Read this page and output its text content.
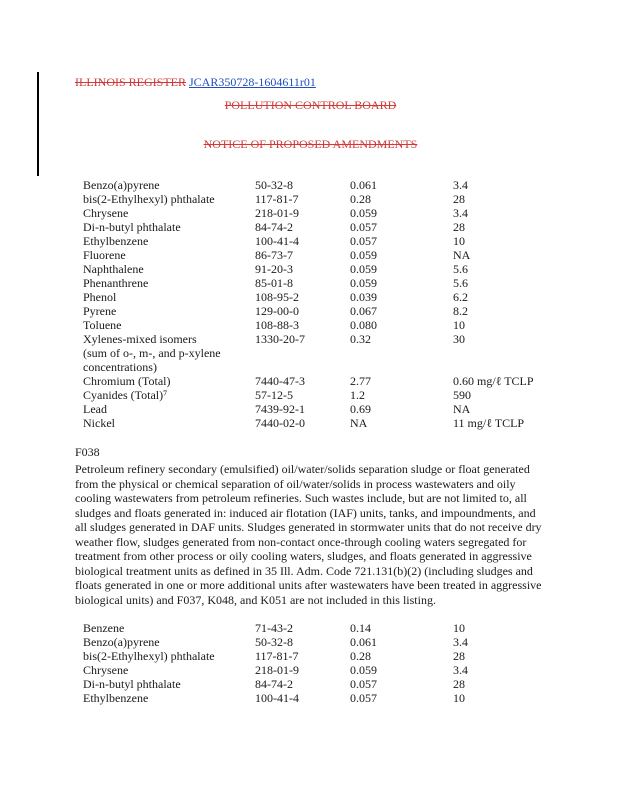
ILLINOIS REGISTER JCAR350728-1604611r01
POLLUTION CONTROL BOARD
NOTICE OF PROPOSED AMENDMENTS
Benzo(a)pyrene	50-32-8	0.061	3.4
bis(2-Ethylhexyl) phthalate	117-81-7	0.28	28
Chrysene	218-01-9	0.059	3.4
Di-n-butyl phthalate	84-74-2	0.057	28
Ethylbenzene	100-41-4	0.057	10
Fluorene	86-73-7	0.059	NA
Naphthalene	91-20-3	0.059	5.6
Phenanthrene	85-01-8	0.059	5.6
Phenol	108-95-2	0.039	6.2
Pyrene	129-00-0	0.067	8.2
Toluene	108-88-3	0.080	10
Xylenes-mixed isomers	1330-20-7	0.32	30
(sum of o-, m-, and p-xylene
concentrations)
Chromium (Total)	7440-47-3	2.77	0.60 mg/ℓ TCLP
Cyanides (Total)⁷	57-12-5	1.2	590
Lead	7439-92-1	0.69	NA
Nickel	7440-02-0	NA	11 mg/ℓ TCLP
F038

Petroleum refinery secondary (emulsified) oil/water/solids separation sludge or float generated from the physical or chemical separation of oil/water/solids in process wastewaters and oily cooling wastewaters from petroleum refineries. Such wastes include, but are not limited to, all sludges and floats generated in: induced air flotation (IAF) units, tanks, and impoundments, and all sludges generated in DAF units. Sludges generated in stormwater units that do not receive dry weather flow, sludges generated from non-contact once-through cooling waters segregated for treatment from other process or oily cooling waters, sludges, and floats generated in aggressive biological treatment units as defined in 35 Ill. Adm. Code 721.131(b)(2) (including sludges and floats generated in one or more additional units after wastewaters have been treated in aggressive biological units) and F037, K048, and K051 are not included in this listing.

Benzene	71-43-2	0.14	10
Benzo(a)pyrene	50-32-8	0.061	3.4
bis(2-Ethylhexyl) phthalate	117-81-7	0.28	28
Chrysene	218-01-9	0.059	3.4
Di-n-butyl phthalate	84-74-2	0.057	28
Ethylbenzene	100-41-4	0.057	10
